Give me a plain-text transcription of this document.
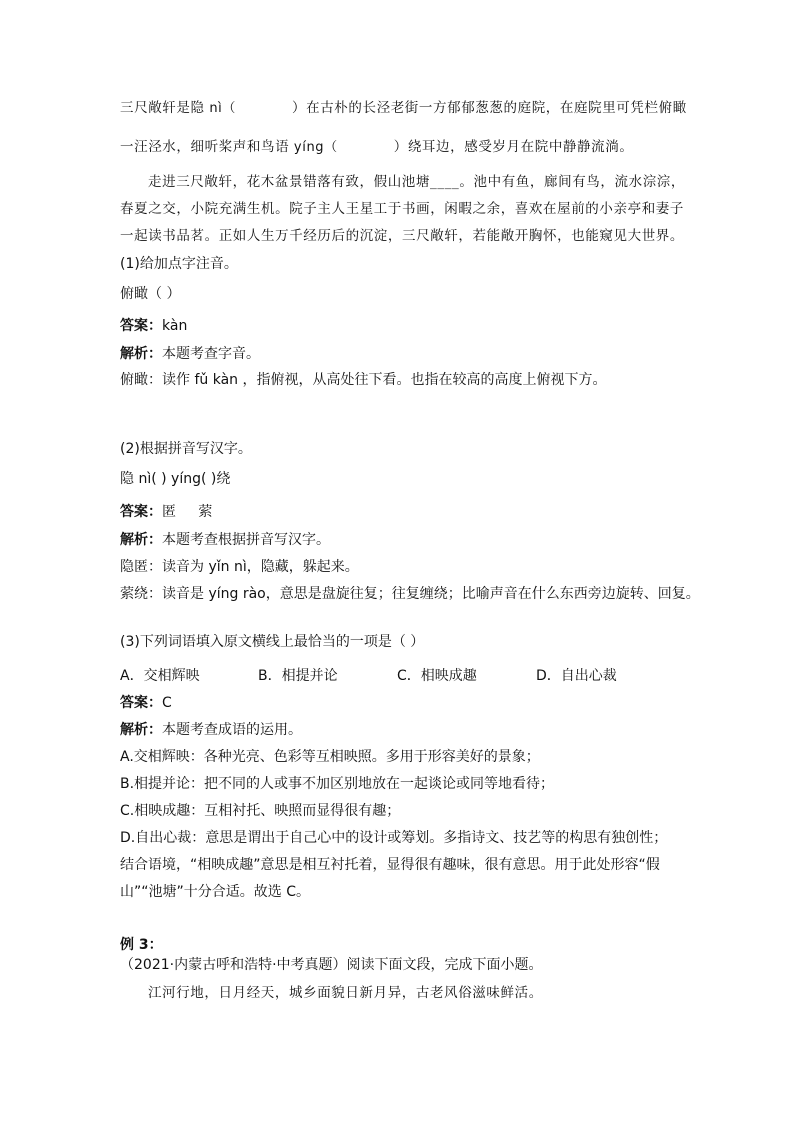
三尺敞轩是隐 nì（	）在古朴的长泾老街一方郁郁葱葱的庭院，在庭院里可凭栏俯瞰
一汪泾水，细听桨声和鸟语 yíng（	）绕耳边，感受岁月在院中静静流淌。
走进三尺敞轩，花木盆景错落有致，假山池塘____。池中有鱼，廊间有鸟，流水淙淙，
春夏之交，小院充满生机。院子主人王星工于书画，闲暇之余，喜欢在屋前的小亲亭和妻子
一起读书品茗。正如人生万千经历后的沉淀，三尺敞轩，若能敞开胸怀，也能窥见大世界。
(1)给加点字注音。
俯瞰（ ）
答案：kàn
解析：本题考查字音。
俯瞰：读作 fǔ kàn ，指俯视，从高处往下看。也指在较高的高度上俯视下方。
(2)根据拼音写汉字。
隐 nì( ) yíng( )绕
答案：匿     萦
解析：本题考查根据拼音写汉字。
隐匿：读音为 yǐn nì，隐藏，躲起来。
萦绕：读音是 yíng rào，意思是盘旋往复；往复缠绕；比喻声音在什么东西旁边旋转、回复。
(3)下列词语填入原文横线上最恰当的一项是（ ）
A．交相辉映	B．相提并论	C．相映成趣	D．自出心裁
答案：C
解析：本题考查成语的运用。
A.交相辉映：各种光亮、色彩等互相映照。多用于形容美好的景象；
B.相提并论：把不同的人或事不加区别地放在一起谈论或同等地看待；
C.相映成趣：互相衬托、映照而显得很有趣；
D.自出心裁：意思是谓出于自己心中的设计或筹划。多指诗文、技艺等的构思有独创性；
结合语境，“相映成趣”意思是相互衬托着，显得很有趣味，很有意思。用于此处形容“假
山”“池塘”十分合适。故选 C。
例 3：
（2021·内蒙古呼和浩特·中考真题）阅读下面文段，完成下面小题。
江河行地，日月经天，城乡面貌日新月异，古老风俗滋味鲜活。
